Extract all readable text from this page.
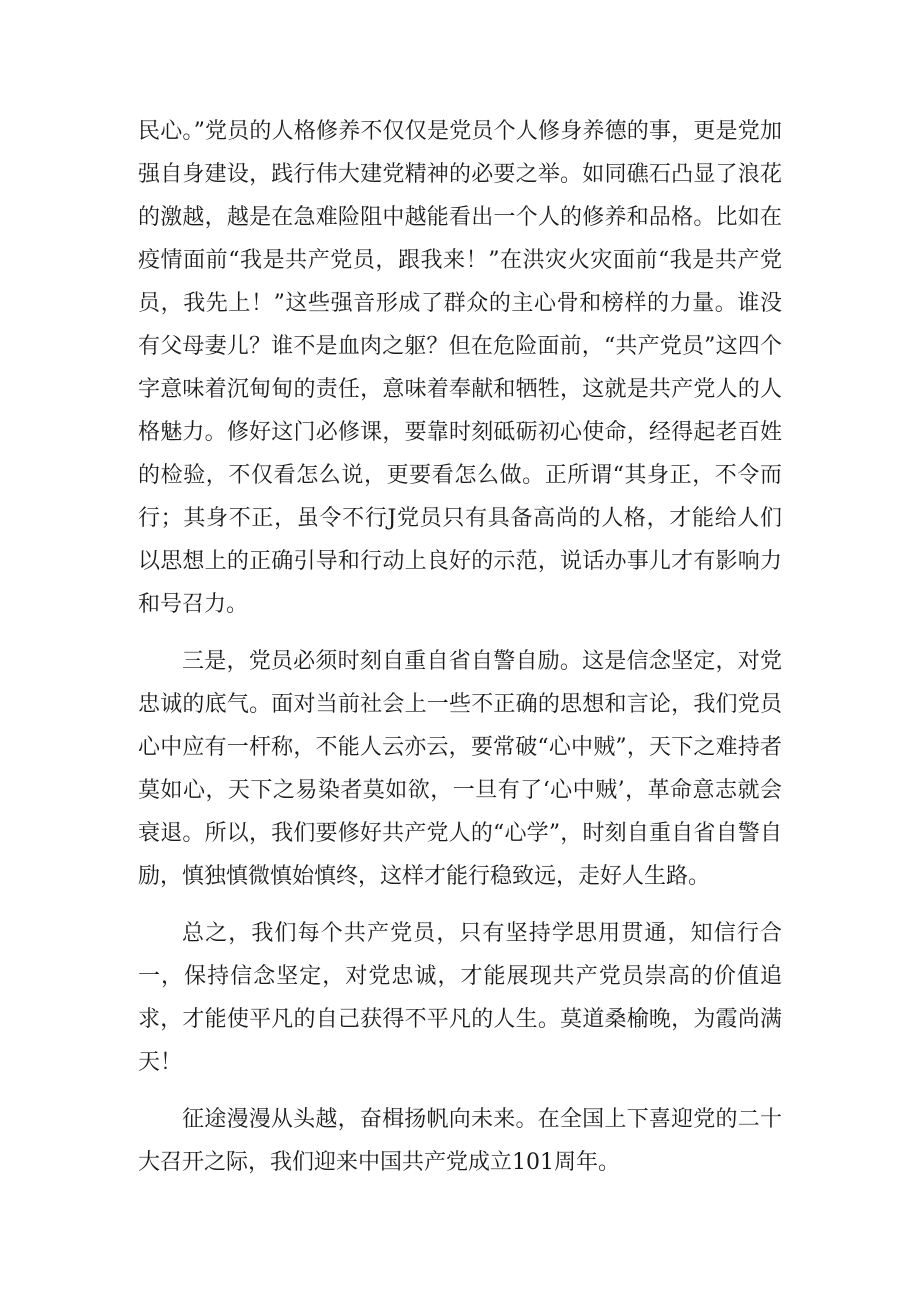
民心。”党员的人格修养不仅仅是党员个人修身养德的事，更是党加强自身建设，践行伟大建党精神的必要之举。如同礁石凸显了浪花的激越，越是在急难险阻中越能看出一个人的修养和品格。比如在疫情面前“我是共产党员，跟我来！”在洪灾火灾面前“我是共产党员，我先上！”这些强音形成了群众的主心骨和榜样的力量。谁没有父母妻儿？谁不是血肉之躯？但在危险面前，“共产党员”这四个字意味着沉甸甸的责任，意味着奉献和牺牲，这就是共产党人的人格魅力。修好这门必修课，要靠时刻砥砺初心使命，经得起老百姓的检验，不仅看怎么说，更要看怎么做。正所谓“其身正，不令而行；其身不正，虽令不行J党员只有具备高尚的人格，才能给人们以思想上的正确引导和行动上良好的示范，说话办事儿才有影响力和号召力。

三是，党员必须时刻自重自省自警自励。这是信念坚定，对党忠诚的底气。面对当前社会上一些不正确的思想和言论，我们党员心中应有一杆称，不能人云亦云，要常破“心中贼”，天下之难持者莫如心，天下之易染者莫如欲，一旦有了‘心中贼’，革命意志就会衰退。所以，我们要修好共产党人的“心学”，时刻自重自省自警自励，慎独慎微慎始慎终，这样才能行稳致远，走好人生路。

总之，我们每个共产党员，只有坚持学思用贯通，知信行合一，保持信念坚定，对党忠诚，才能展现共产党员崇高的价值追求，才能使平凡的自己获得不平凡的人生。莫道桑榆晚，为霞尚满天！

征途漫漫从头越，奋楫扬帆向未来。在全国上下喜迎党的二十大召开之际，我们迎来中国共产党成立101周年。
